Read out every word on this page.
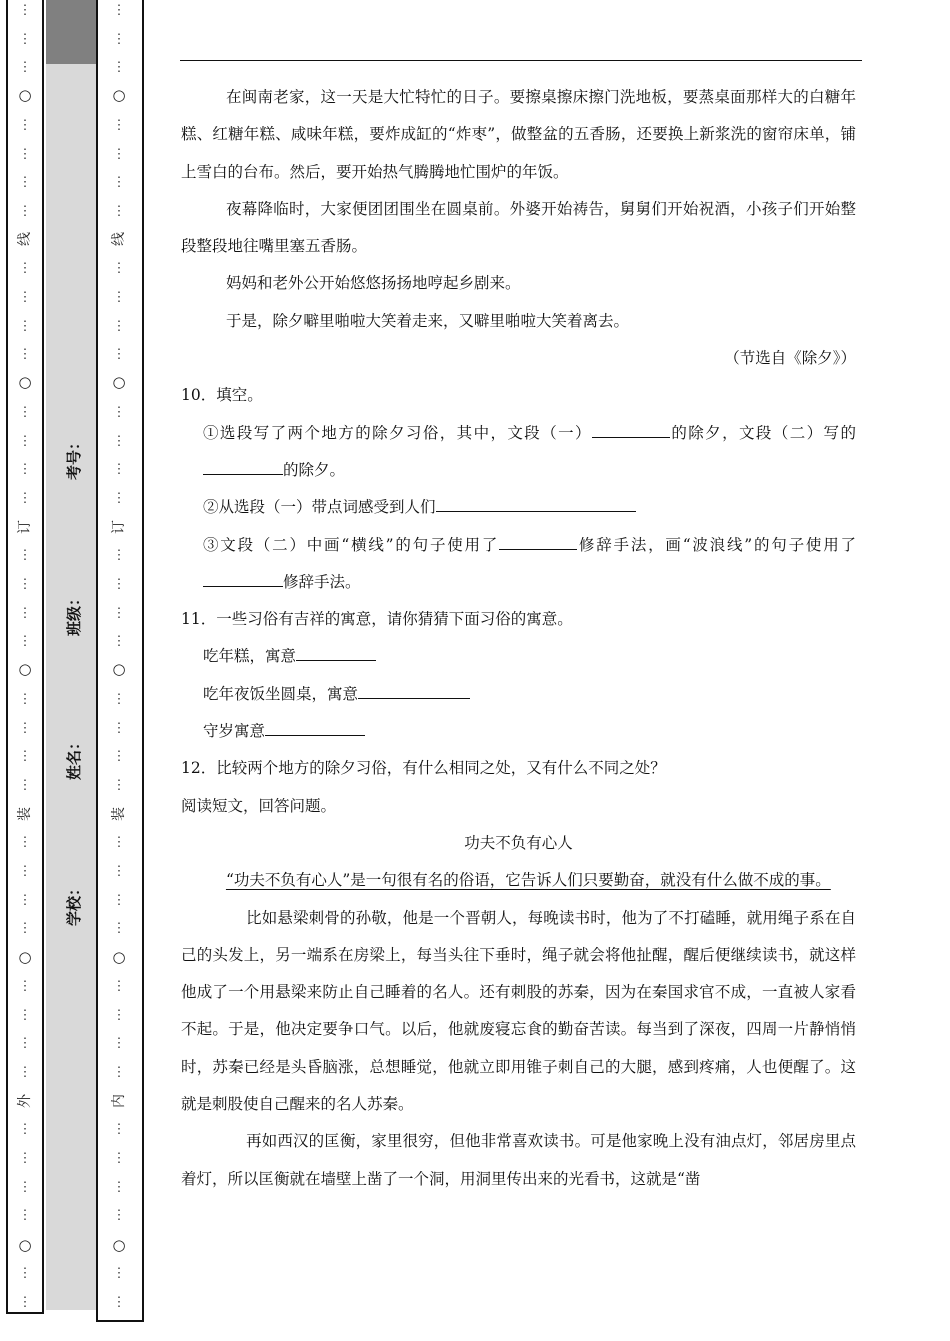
○
○
○
○
○
线
订
装
外
⋮
⋮
⋮
⋮
⋮
⋮
⋮
⋮
⋮
⋮
⋮
⋮
⋮
⋮
⋮
⋮
⋮
⋮
⋮
⋮
⋮
⋮
⋮
⋮
⋮
⋮
⋮
⋮
⋮
⋮
⋮
⋮
⋮
⋮
⋮
⋮
⋮
○
○
○
○
○
线
订
装
内
⋮
⋮
⋮
⋮
⋮
⋮
⋮
⋮
⋮
⋮
⋮
⋮
⋮
⋮
⋮
⋮
⋮
⋮
⋮
⋮
⋮
⋮
⋮
⋮
⋮
⋮
⋮
⋮
⋮
⋮
⋮
⋮
⋮
⋮
⋮
⋮
⋮
学校：
姓名：
班级：
考号：

在闽南老家，这一天是大忙特忙的日子。要擦桌擦床擦门洗地板，要蒸桌面那样大的白糖年糕、红糖年糕、咸味年糕，要炸成缸的“炸枣”，做整盆的五香肠，还要换上新浆洗的窗帘床单，铺上雪白的台布。然后，要开始热气腾腾地忙围炉的年饭。

夜幕降临时，大家便团团围坐在圆桌前。外婆开始祷告，舅舅们开始祝酒，小孩子们开始整段整段地往嘴里塞五香肠。

妈妈和老外公开始悠悠扬扬地哼起乡剧来。

于是，除夕噼里啪啦大笑着走来，又噼里啪啦大笑着离去。

（节选自《除夕》）

10．填空。

①选段写了两个地方的除夕习俗，其中，文段（一）	的除夕，文段（二）写的的除夕。

②从选段（一）带点词感受到人们

③文段（二）中画“横线”的句子使用了	修辞手法，画“波浪线”的句子使用了修辞手法。

11．一些习俗有吉祥的寓意，请你猜猜下面习俗的寓意。

吃年糕，寓意

吃年夜饭坐圆桌，寓意

守岁寓意

12．比较两个地方的除夕习俗，有什么相同之处，又有什么不同之处？

阅读短文，回答问题。

功夫不负有心人

“功夫不负有心人”是一句很有名的俗语，它告诉人们只要勤奋，就没有什么做不成的事。

比如悬梁刺骨的孙敬，他是一个晋朝人，每晚读书时，他为了不打磕睡，就用绳子系在自己的头发上，另一端系在房梁上，每当头往下垂时，绳子就会将他扯醒，醒后便继续读书，就这样他成了一个用悬梁来防止自己睡着的名人。还有刺股的苏秦，因为在秦国求官不成，一直被人家看不起。于是，他决定要争口气。以后，他就废寝忘食的勤奋苦读。每当到了深夜，四周一片静悄悄时，苏秦已经是头昏脑涨，总想睡觉，他就立即用锥子刺自己的大腿，感到疼痛，人也便醒了。这就是刺股使自己醒来的名人苏秦。

再如西汉的匡衡，家里很穷，但他非常喜欢读书。可是他家晚上没有油点灯，邻居房里点着灯，所以匡衡就在墙壁上凿了一个洞，用洞里传出来的光看书，这就是“凿
